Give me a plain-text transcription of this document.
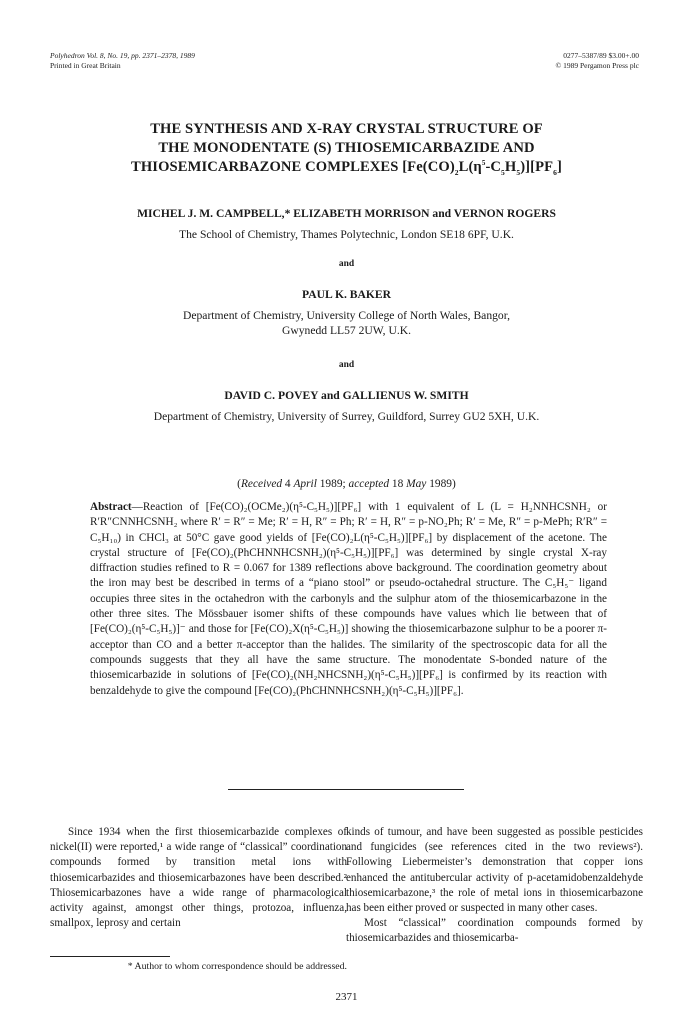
Polyhedron Vol. 8, No. 19, pp. 2371–2378, 1989
Printed in Great Britain
0277–5387/89 $3.00+.00
© 1989 Pergamon Press plc
THE SYNTHESIS AND X-RAY CRYSTAL STRUCTURE OF
THE MONODENTATE (S) THIOSEMICARBAZIDE AND
THIOSEMICARBAZONE COMPLEXES $[Fe(CO)_2L(\eta^5-C_5H_5)][PF_6]$
MICHEL J. M. CAMPBELL,* ELIZABETH MORRISON and VERNON ROGERS
The School of Chemistry, Thames Polytechnic, London SE18 6PF, U.K.
and
PAUL K. BAKER
Department of Chemistry, University College of North Wales, Bangor,
Gwynedd LL57 2UW, U.K.
and
DAVID C. POVEY and GALLIENUS W. SMITH
Department of Chemistry, University of Surrey, Guildford, Surrey GU2 5XH, U.K.
(Received 4 April 1989; accepted 18 May 1989)

Abstract—Reaction of [Fe(CO)₂(OCMe₂)(η⁵-C₅H₅)][PF₆] with 1 equivalent of L (L = H₂NNHCSNH₂ or R′R″CNNHCSNH₂ where R′ = R″ = Me; R′ = H, R″ = Ph; R′ = H, R″ = p-NO₂Ph; R′ = Me, R″ = p-MePh; R′R″ = C₅H₁₀) in CHCl₃ at 50°C gave good yields of [Fe(CO)₂L(η⁵-C₅H₅)][PF₆] by displacement of the acetone. The crystal structure of [Fe(CO)₂(PhCHNNHCSNH₂)(η⁵-C₅H₅)][PF₆] was determined by single crystal X-ray diffraction studies refined to R = 0.067 for 1389 reflections above background. The coordination geometry about the iron may best be described in terms of a “piano stool” or pseudo-octahedral structure. The C₅H₅⁻ ligand occupies three sites in the octahedron with the carbonyls and the sulphur atom of the thiosemicarbazone in the other three sites. The Mössbauer isomer shifts of these compounds have values which lie between that of [Fe(CO)₂(η⁵-C₅H₅)]⁻ and those for [Fe(CO)₂X(η⁵-C₅H₅)] showing the thiosemicarbazone sulphur to be a poorer π-acceptor than CO and a better π-acceptor than the halides. The similarity of the spectroscopic data for all the compounds suggests that they all have the same structure. The monodentate S-bonded nature of the thiosemicarbazide in solutions of [Fe(CO)₂(NH₂NHCSNH₂)(η⁵-C₅H₅)][PF₆] is confirmed by its reaction with benzaldehyde to give the compound [Fe(CO)₂(PhCHNNHCSNH₂)(η⁵-C₅H₅)][PF₆].

Since 1934 when the first thiosemicarbazide complexes of nickel(II) were reported,¹ a wide range of “classical” coordination compounds formed by transition metal ions with thiosemicarbazides and thiosemicarbazones have been described.² Thiosemicarbazones have a wide range of pharmacological activity against, amongst other things, protozoa, influenza, smallpox, leprosy and certain

kinds of tumour, and have been suggested as possible pesticides and fungicides (see references cited in the two reviews²). Following Liebermeister’s demonstration that copper ions enhanced the antitubercular activity of p-acetamidobenzaldehyde thiosemicarbazone,³ the role of metal ions in thiosemicarbazone has been either proved or suspected in many other cases.

Most “classical” coordination compounds formed by thiosemicarbazides and thiosemicarba-

* Author to whom correspondence should be addressed.
2371
